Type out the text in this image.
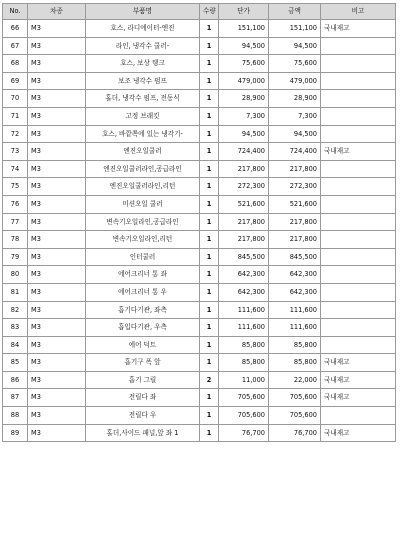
No.	차종	부품명	수량	단가	금액	비고
66	M3	호스, 라디에이터-엔진	1	151,100	151,100	국내재고
67	M3	라인, 냉각수 쿨러-	1	94,500	94,500	
68	M3	호스, 보상 탱크	1	75,600	75,600	
69	M3	보조 냉각수 펌프	1	479,000	479,000	
70	M3	홀더, 냉각수 펌프, 전동식	1	28,900	28,900	
71	M3	고정 브래킷	1	7,300	7,300	
72	M3	호스, 바깥쪽에 있는 냉각기-	1	94,500	94,500	
73	M3	엔진오일쿨러	1	724,400	724,400	국내재고
74	M3	엔진오일쿨러라인,공급라인	1	217,800	217,800	
75	M3	엔진오일쿨러라인,리턴	1	272,300	272,300	
76	M3	미션오일 쿨러	1	521,600	521,600	
77	M3	변속기오일라인,공급라인	1	217,800	217,800	
78	M3	변속기오일라인,리턴	1	217,800	217,800	
79	M3	인터쿨러	1	845,500	845,500	
80	M3	에어크리너 통 좌	1	642,300	642,300	
81	M3	에어크리너 통 우	1	642,300	642,300	
82	M3	흡기다기관, 좌측	1	111,600	111,600	
83	M3	흡입다기관, 우측	1	111,600	111,600	
84	M3	에어 덕트	1	85,800	85,800	
85	M3	흡기구 폭 앞	1	85,800	85,800	국내재고
86	M3	흡기 그릴	2	11,000	22,000	국내재고
87	M3	전릴다 좌	1	705,600	705,600	국내재고
88	M3	전릴다 우	1	705,600	705,600	
89	M3	홀더,사이드 패널,앞 좌 1	1	76,700	76,700	국내재고
